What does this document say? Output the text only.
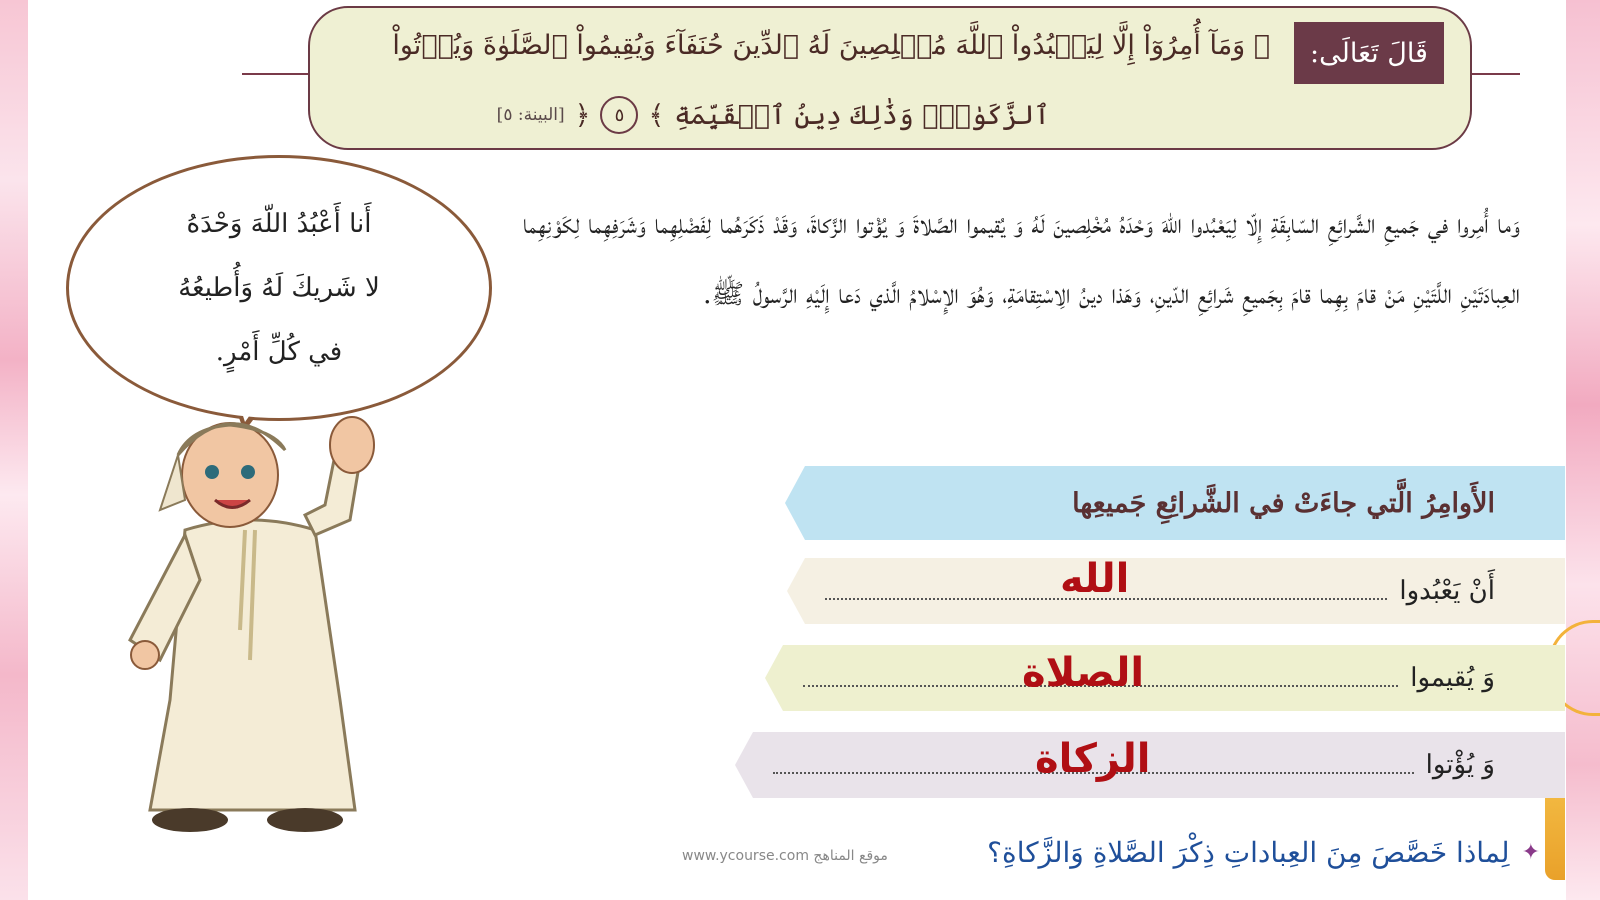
قَالَ تَعَالَى:
﴿ وَمَآ أُمِرُوٓاْ إِلَّا لِيَعۡبُدُواْ ٱللَّهَ مُخۡلِصِينَ لَهُ ٱلدِّينَ حُنَفَآءَ وَيُقِيمُواْ ٱلصَّلَوٰةَ وَيُؤۡتُواْ
ٱلزَّكَوٰةَۚ وَذَٰلِكَ دِينُ ٱلۡقَيِّمَةِ
﴾
٥
﴿
[البينة: ٥]
وَما أُمِروا في جَميعِ الشَّرائِعِ السّابِقَةِ إِلّا لِيَعْبُدوا اللّهَ وَحْدَهُ مُخْلِصينَ لَهُ وَ يُقيموا الصَّلاةَ وَ يُؤْتوا الزَّكاةَ، وَقَدْ ذَكَرَهُما لِفَضْلِهِما وَشَرَفِهِما لِكَوْنِهِما العِبادَتَيْنِ اللَّتَيْنِ مَنْ قامَ بِهِما قامَ بِجَميعِ شَرائِعِ الدّينِ، وَهَذا دينُ الِاسْتِقامَةِ، وَهُوَ الإِسْلامُ الَّذي دَعا إِلَيْهِ الرَّسولُ ﷺ.
أَنا أَعْبُدُ اللّهَ وَحْدَهُ
لا شَريكَ لَهُ وَأُطيعُهُ
في كُلِّ أَمْرٍ.
الأَوامِرُ الَّتي جاءَتْ في الشَّرائِعِ جَميعِها
أَنْ يَعْبُدوا
وَ يُقيموا
وَ يُؤْتوا
الله
الصلاة
الزكاة
✦
لِماذا خَصَّصَ مِنَ العِباداتِ ذِكْرَ الصَّلاةِ وَالزَّكاةِ؟
www.ycourse.com موقع المناهج
